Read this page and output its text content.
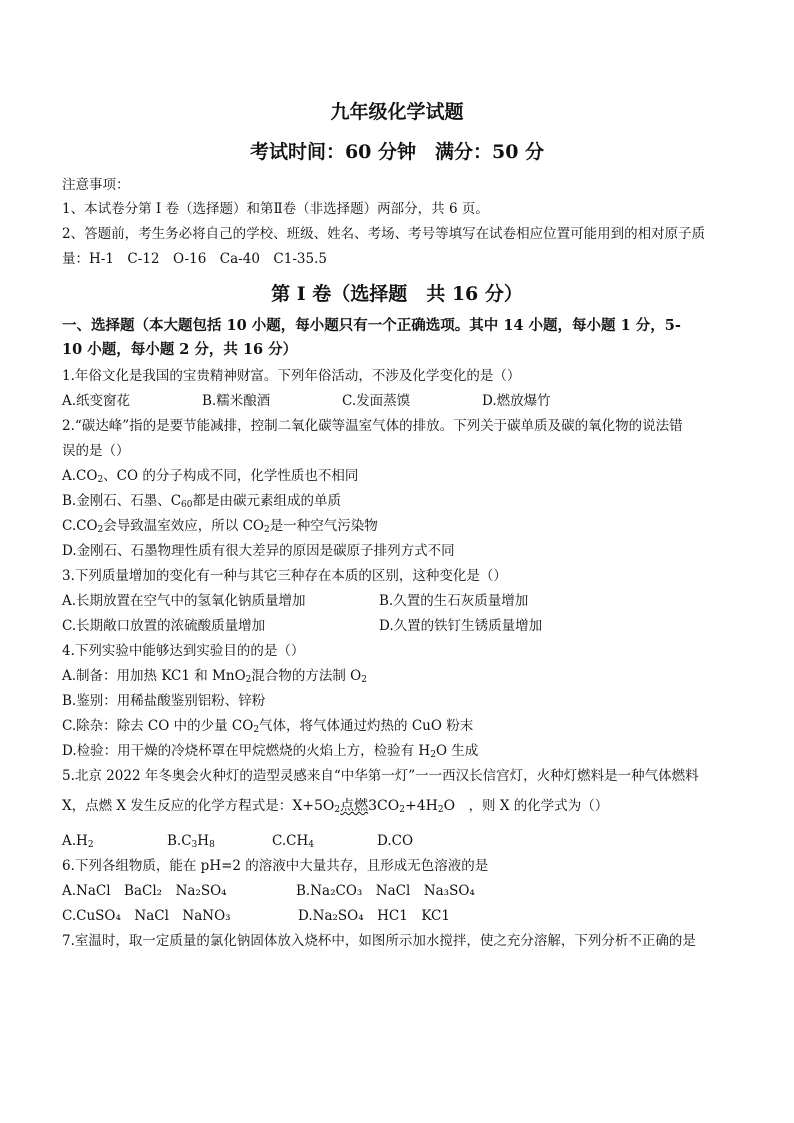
九年级化学试题
考试时间：60 分钟　满分：50 分
注意事项：
1、本试卷分第 I 卷（选择题）和第Ⅱ卷（非选择题）两部分，共 6 页。
2、答题前，考生务必将自己的学校、班级、姓名、考场、考号等填写在试卷相应位置可能用到的相对原子质
量：H-1　C-12　O-16　Ca-40　C1-35.5
第 I 卷（选择题　共 16 分）
一、选择题（本大题包括 10 小题，每小题只有一个正确选项。其中 14 小题，每小题 1 分，5-
10 小题，每小题 2 分，共 16 分）
1.年俗文化是我国的宝贵精神财富。下列年俗活动，不涉及化学变化的是（）
A.纸变窗花	B.糯米酿酒	C.发面蒸馍	D.燃放爆竹
2.“碳达峰”指的是要节能减排，控制二氧化碳等温室气体的排放。下列关于碳单质及碳的氧化物的说法错
误的是（）
$A.CO_2$、CO 的分子构成不同，化学性质也不相同
B.金刚石、石墨、$C_{60}$都是由碳元素组成的单质
$C.CO_2$会导致温室效应，所以 $CO_2$是一种空气污染物
D.金刚石、石墨物理性质有很大差异的原因是碳原子排列方式不同
3.下列质量增加的变化有一种与其它三种存在本质的区别，这种变化是（）
A.长期放置在空气中的氢氧化钠质量增加	B.久置的生石灰质量增加
C.长期敞口放置的浓硫酸质量增加	D.久置的铁钉生锈质量增加
4.下列实验中能够达到实验目的的是（）
A.制备：用加热 KC1 和 MnO$_2$混合物的方法制 $O_2$
B.鉴别：用稀盐酸鉴别铝粉、锌粉
C.除杂：除去 CO 中的少量 $CO_2$气体，将气体通过灼热的 CuO 粉末
D.检验：用干燥的冷烧杯罩在甲烷燃烧的火焰上方，检验有 $H_2O$ 生成
5.北京 2022 年冬奥会火种灯的造型灵感来自“中华第一灯”一一西汉长信宫灯，火种灯燃料是一种气体燃料
X，点燃 X 发生反应的化学方程式是：$X+5O_2$点燃$3CO_2+4H_2O$　 ，则 X 的化学式为（）
$A.H_2$	$B.C_3H_8$	$C.CH_4$	D.CO
6.下列各组物质，能在 pH=2 的溶液中大量共存，且形成无色溶液的是
A.NaCl　BaCl₂　Na₂SO₄	B.Na₂CO₃　NaCl　Na₃SO₄
C.CuSO₄　NaCl　NaNO₃	D.Na₂SO₄　HC1　KC1
7.室温时，取一定质量的氯化钠固体放入烧杯中，如图所示加水搅拌，使之充分溶解，下列分析不正确的是
